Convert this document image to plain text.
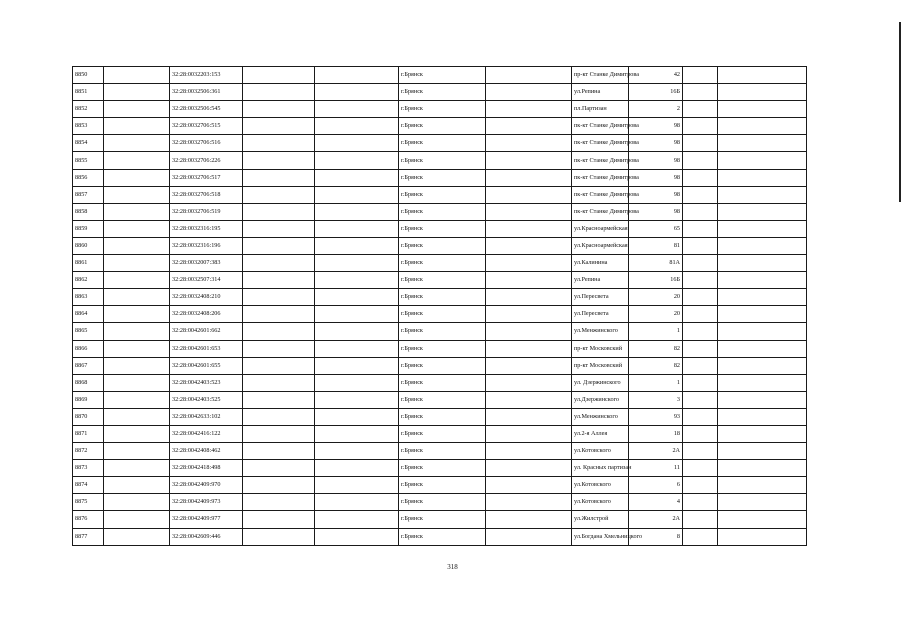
8850		32:28:0032203:153			г.Брянск		пр-кт Станке Димитрова	42		
8851		32:28:0032506:361			г.Брянск		ул.Репина	16Б		
8852		32:28:0032506:545			г.Брянск		пл.Партизан	2		
8853		32:28:0032706:515			г.Брянск		пк-кт Станке Димитрова	98		
8854		32:28:0032706:516			г.Брянск		пк-кт Станке Димитрова	98		
8855		32:28:0032706:226			г.Брянск		пк-кт Станке Димитрова	98		
8856		32:28:0032706:517			г.Брянск		пк-кт Станке Димитрова	98		
8857		32:28:0032706:518			г.Брянск		пк-кт Станке Димитрова	98		
8858		32:28:0032706:519			г.Брянск		пк-кт Станке Димитрова	98		
8859		32:28:0032316:195			г.Брянск		ул.Красноармейская	65		
8860		32:28:0032316:196			г.Брянск		ул.Красноармейская	81		
8861		32:28:0032007:383			г.Брянск		ул.Калинина	81А		
8862		32:28:0032507:314			г.Брянск		ул.Репина	16Б		
8863		32:28:0032408:210			г.Брянск		ул.Пересвета	20		
8864		32:28:0032408:206			г.Брянск		ул.Пересвета	20		
8865		32:28:0042601:662			г.Брянск		ул.Менжинского	1		
8866		32:28:0042601:653			г.Брянск		пр-кт Московский	82		
8867		32:28:0042601:655			г.Брянск		пр-кт Московский	82		
8868		32:28:0042403:523			г.Брянск		ул. Дзержинского	1		
8869		32:28:0042403:525			г.Брянск		ул.Дзержинского	3		
8870		32:28:0042633:102			г.Брянск		ул.Менжинского	93		
8871		32:28:0042416:122			г.Брянск		ул.2-я Аллея	18		
8872		32:28:0042408:462			г.Брянск		ул.Котовского	2А		
8873		32:28:0042418:498			г.Брянск		ул. Красных партизан	11		
8874		32:28:0042409:970			г.Брянск		ул.Котовского	6		
8875		32:28:0042409:973			г.Брянск		ул.Котовского	4		
8876		32:28:0042409:977			г.Брянск		ул.Жилстрой	2А		
8877		32:28:0042609:446			г.Брянск		ул.Богдана Хмельницкого	8		
318
